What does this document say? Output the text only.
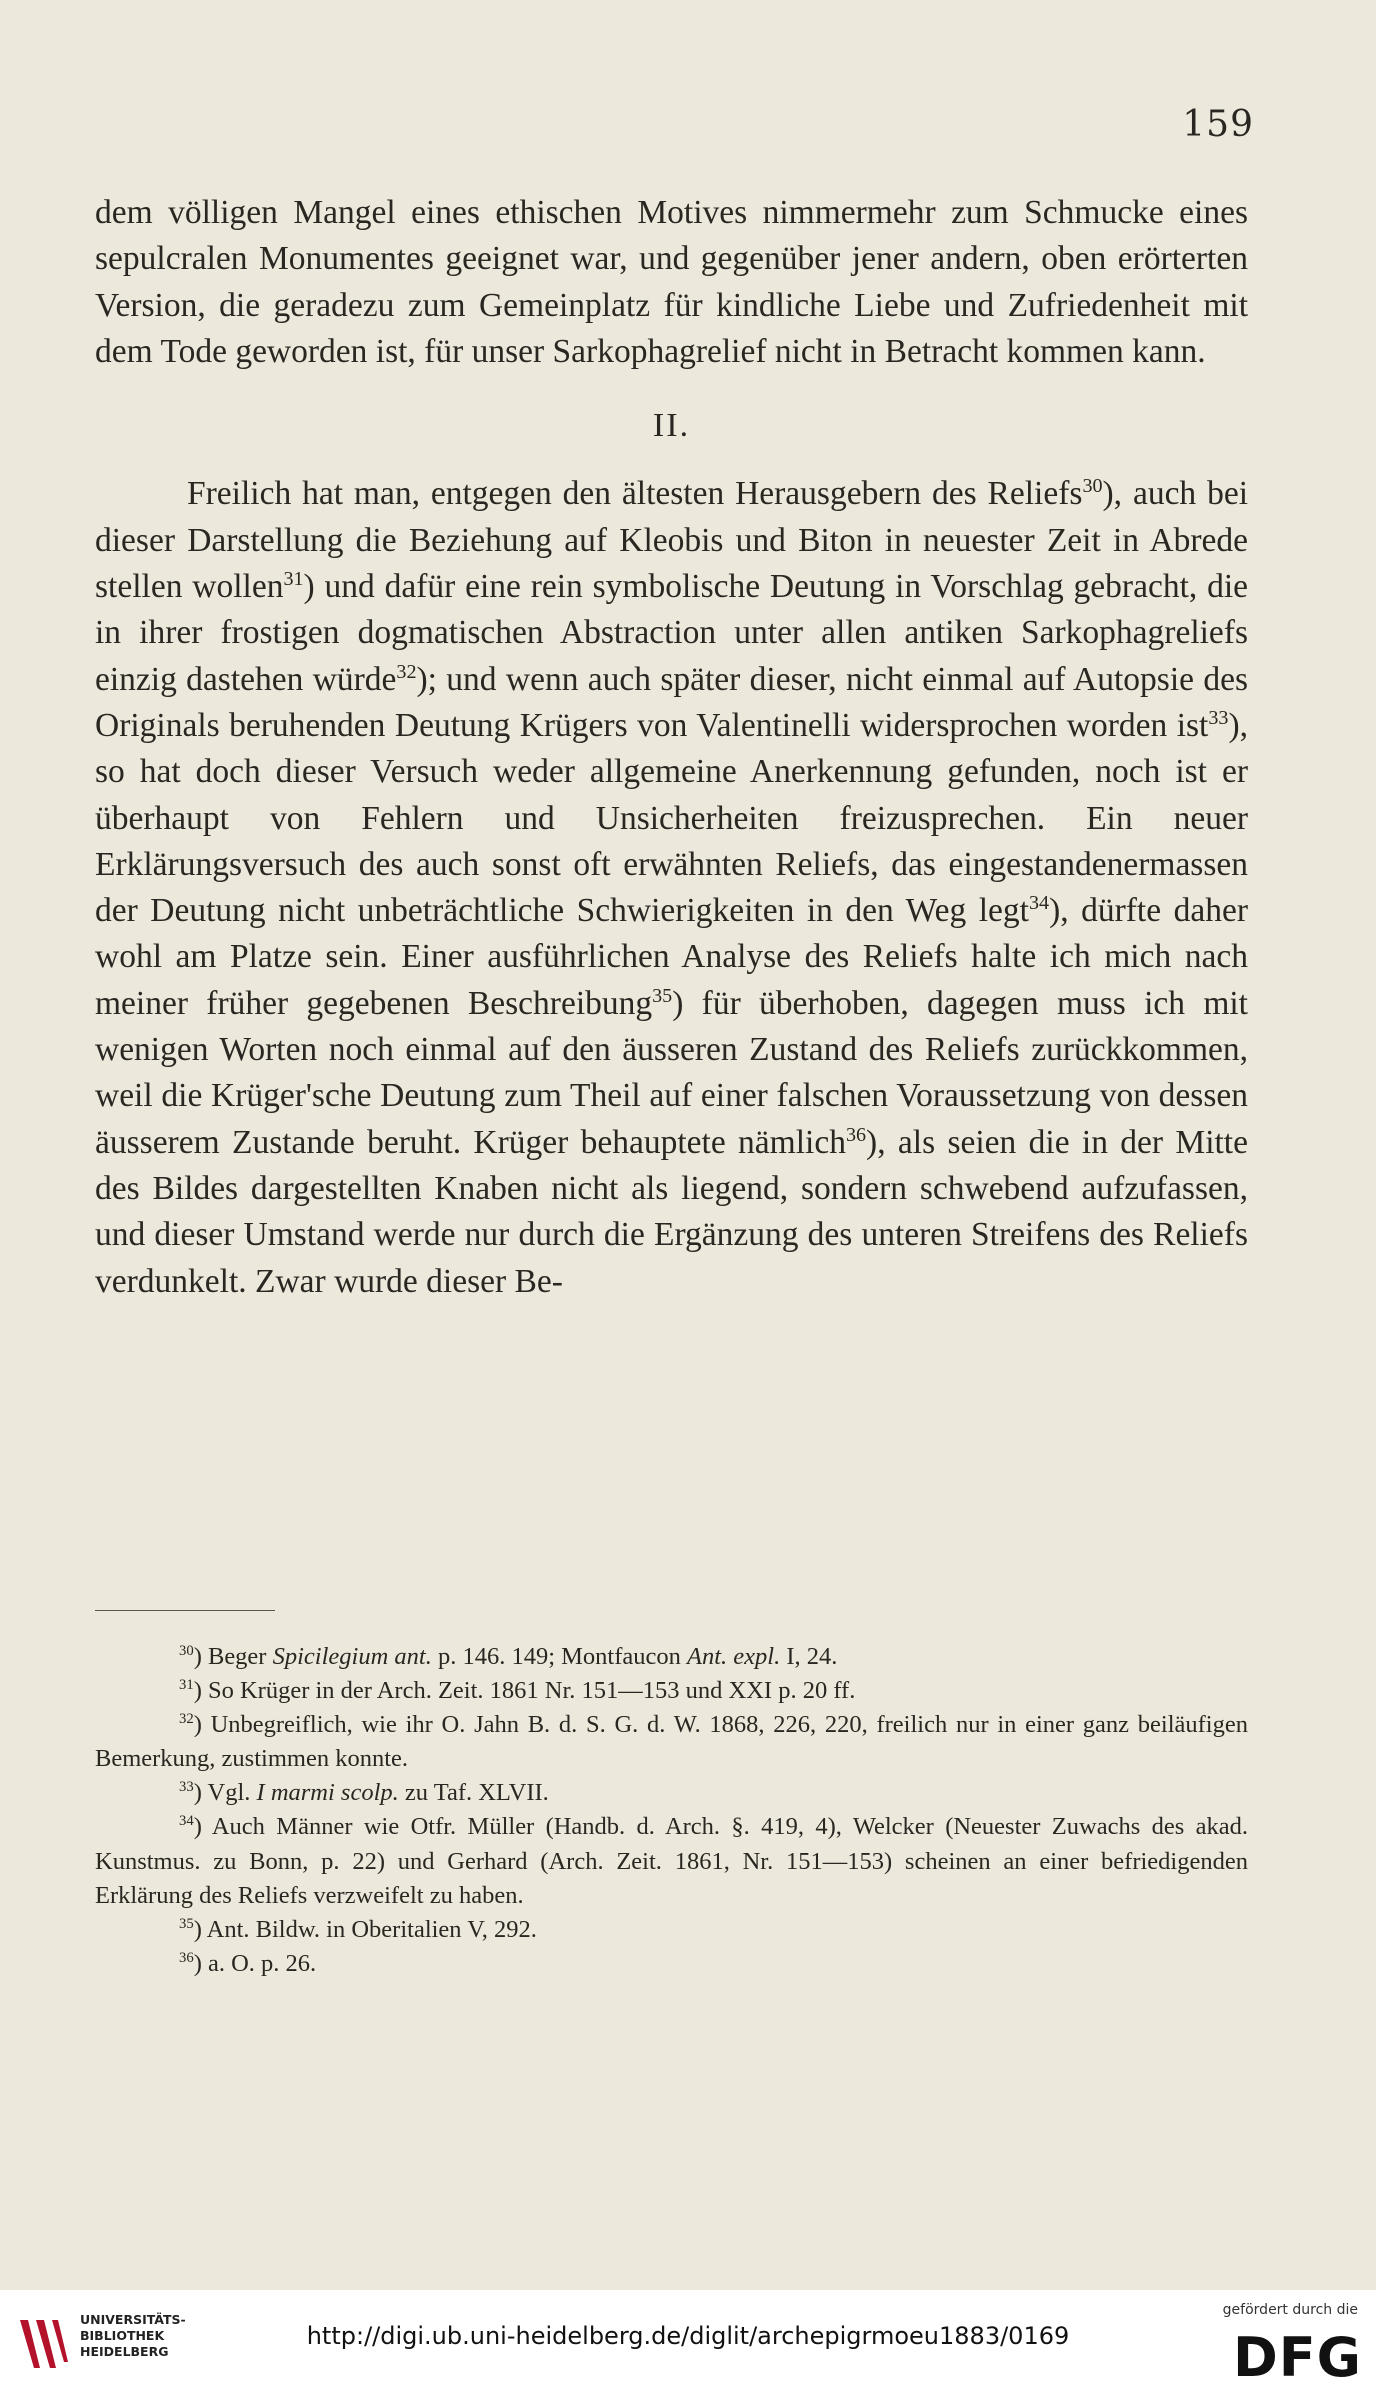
159

dem völligen Mangel eines ethischen Motives nimmermehr zum Schmucke eines sepulcralen Monumentes geeignet war, und gegenüber jener andern, oben erörterten Version, die geradezu zum Gemeinplatz für kindliche Liebe und Zufriedenheit mit dem Tode geworden ist, für unser Sarkophagrelief nicht in Betracht kommen kann.

II.

Freilich hat man, entgegen den ältesten Herausgebern des Reliefs$^{30}$), auch bei dieser Darstellung die Beziehung auf Kleobis und Biton in neuester Zeit in Abrede stellen wollen$^{31}$) und dafür eine rein symbolische Deutung in Vorschlag gebracht, die in ihrer frostigen dogmatischen Abstraction unter allen antiken Sarkophagreliefs einzig dastehen würde$^{32}$); und wenn auch später dieser, nicht einmal auf Autopsie des Originals beruhenden Deutung Krügers von Valentinelli widersprochen worden ist$^{33}$), so hat doch dieser Versuch weder allgemeine Anerkennung gefunden, noch ist er überhaupt von Fehlern und Unsicherheiten freizusprechen. Ein neuer Erklärungsversuch des auch sonst oft erwähnten Reliefs, das eingestandenermassen der Deutung nicht unbeträchtliche Schwierigkeiten in den Weg legt$^{34}$), dürfte daher wohl am Platze sein. Einer ausführlichen Analyse des Reliefs halte ich mich nach meiner früher gegebenen Beschreibung$^{35}$) für überhoben, dagegen muss ich mit wenigen Worten noch einmal auf den äusseren Zustand des Reliefs zurückkommen, weil die Krüger'sche Deutung zum Theil auf einer falschen Voraussetzung von dessen äusserem Zustande beruht. Krüger behauptete nämlich$^{36}$), als seien die in der Mitte des Bildes dargestellten Knaben nicht als liegend, sondern schwebend aufzufassen, und dieser Umstand werde nur durch die Ergänzung des unteren Streifens des Reliefs verdunkelt. Zwar wurde dieser Be-

$^{30}$) Beger Spicilegium ant. p. 146. 149; Montfaucon Ant. expl. I, 24.

$^{31}$) So Krüger in der Arch. Zeit. 1861 Nr. 151—153 und XXI p. 20 ff.

$^{32}$) Unbegreiflich, wie ihr O. Jahn B. d. S. G. d. W. 1868, 226, 220, freilich nur in einer ganz beiläufigen Bemerkung, zustimmen konnte.

$^{33}$) Vgl. I marmi scolp. zu Taf. XLVII.

$^{34}$) Auch Männer wie Otfr. Müller (Handb. d. Arch. §. 419, 4), Welcker (Neuester Zuwachs des akad. Kunstmus. zu Bonn, p. 22) und Gerhard (Arch. Zeit. 1861, Nr. 151—153) scheinen an einer befriedigenden Erklärung des Reliefs verzweifelt zu haben.

$^{35}$) Ant. Bildw. in Oberitalien V, 292.

$^{36}$) a. O. p. 26.

UNIVERSITÄTS-
BIBLIOTHEK
HEIDELBERG
http://digi.ub.uni-heidelberg.de/diglit/archepigrmoeu1883/0169
gefördert durch die
DFG
